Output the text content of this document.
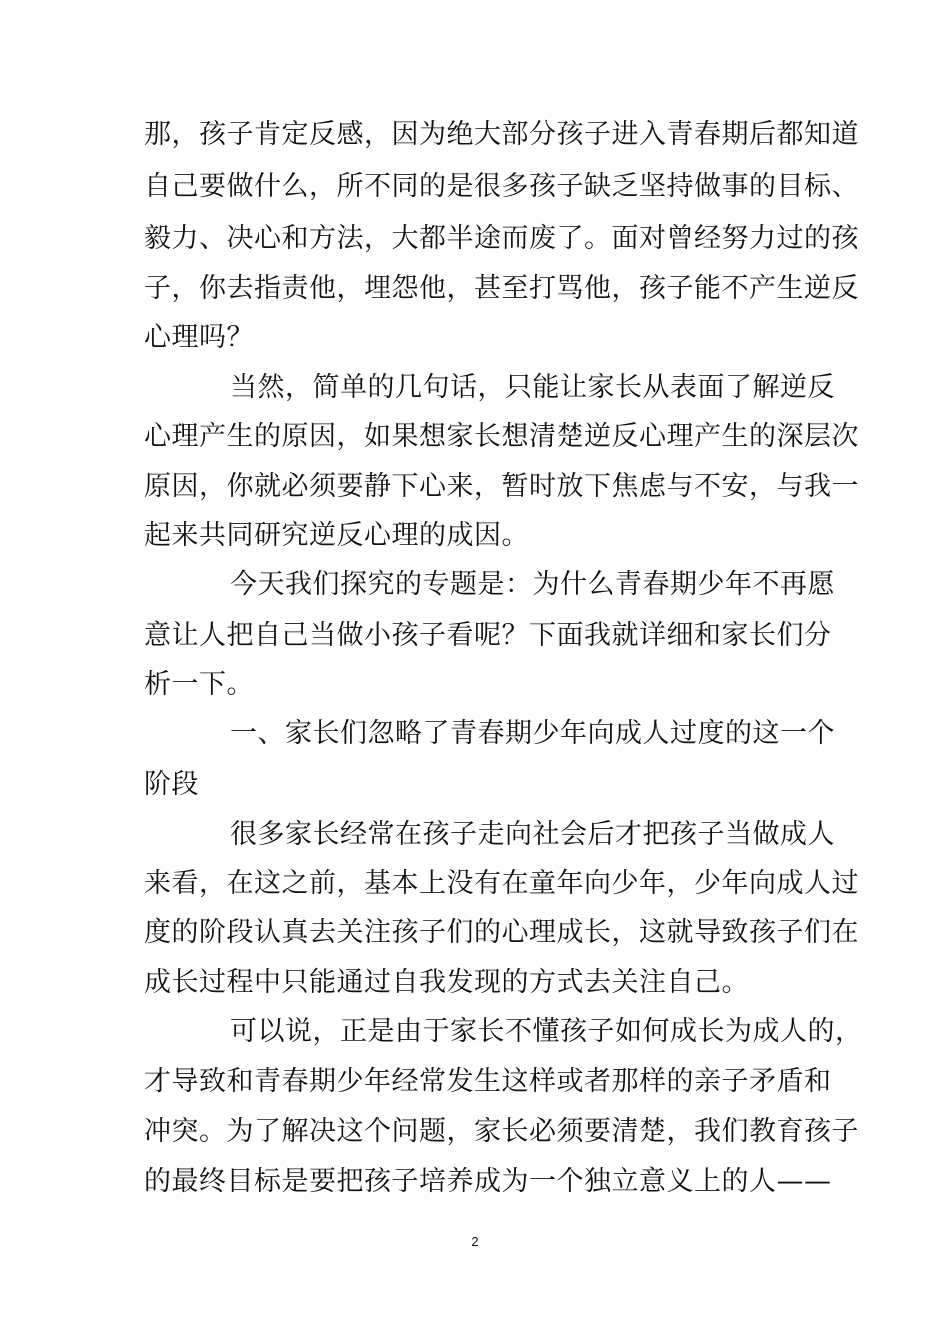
那，孩子肯定反感，因为绝大部分孩子进入青春期后都知道
自己要做什么，所不同的是很多孩子缺乏坚持做事的目标、
毅力、决心和方法，大都半途而废了。面对曾经努力过的孩
子，你去指责他，埋怨他，甚至打骂他，孩子能不产生逆反
心理吗？
当然，简单的几句话，只能让家长从表面了解逆反
心理产生的原因，如果想家长想清楚逆反心理产生的深层次
原因，你就必须要静下心来，暂时放下焦虑与不安，与我一
起来共同研究逆反心理的成因。
今天我们探究的专题是：为什么青春期少年不再愿
意让人把自己当做小孩子看呢？下面我就详细和家长们分
析一下。
一、家长们忽略了青春期少年向成人过度的这一个
阶段
很多家长经常在孩子走向社会后才把孩子当做成人
来看，在这之前，基本上没有在童年向少年，少年向成人过
度的阶段认真去关注孩子们的心理成长，这就导致孩子们在
成长过程中只能通过自我发现的方式去关注自己。
可以说，正是由于家长不懂孩子如何成长为成人的，
才导致和青春期少年经常发生这样或者那样的亲子矛盾和
冲突。为了解决这个问题，家长必须要清楚，我们教育孩子
的最终目标是要把孩子培养成为一个独立意义上的人——
2
